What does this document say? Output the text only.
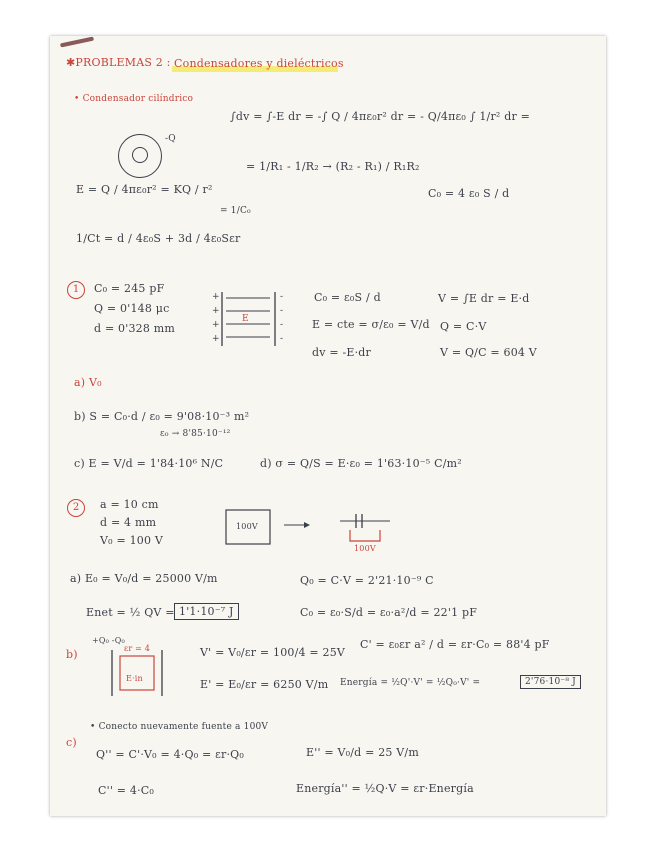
✱PROBLEMAS 2 : Condensadores y dieléctricos
• Condensador cilíndrico
-Q
∫dv = ∫-E dr = -∫ Q / 4πε₀r² dr = - Q/4πε₀ ∫ 1/r² dr =
= 1/R₁ - 1/R₂ → (R₂ - R₁) / R₁R₂
E = Q / 4πε₀r² = KQ / r²	C₀ = 4 ε₀ S / d
1/Ct = d / 4ε₀S + 3d / 4ε₀Sεr
= 1/C₀
1	C₀ = 245 pF
Q = 0'148 μc
d = 0'328 mm
+
+
+
+
-
-
-
-
E
C₀ = ε₀S / d
E = cte = σ/ε₀ = V/d
dv = -E·dr
V = ∫E dr = E·d
Q = C·V
V = Q/C = 604 V
a) V₀
b) S = C₀·d / ε₀ = 9'08·10⁻³ m²
ε₀ → 8'85·10⁻¹²
c) E = V/d = 1'84·10⁶ N/C	d) σ = Q/S = E·ε₀ = 1'63·10⁻⁵ C/m²
2	a = 10 cm
d = 4 mm
V₀ = 100 V
100V
100V
a) E₀ = V₀/d = 25000 V/m	Q₀ = C·V = 2'21·10⁻⁹ C
Enet = ½ QV = 1'1·10⁻⁷ J	C₀ = ε₀·S/d = ε₀·a²/d = 22'1 pF
b)
+Q₀ -Q₀
εr = 4
E·in
V' = V₀/εr = 100/4 = 25V
C' = ε₀εr a² / d = εr·C₀ = 88'4 pF
E' = E₀/εr = 6250 V/m Energía = ½Q'·V' = ½Q₀·V' =	2'76·10⁻⁸ J
c)
• Conecto nuevamente fuente a 100V
Q'' = C'·V₀ = 4·Q₀ = εr·Q₀	E'' = V₀/d = 25 V/m
C'' = 4·C₀	Energía'' = ½Q·V = εr·Energía
